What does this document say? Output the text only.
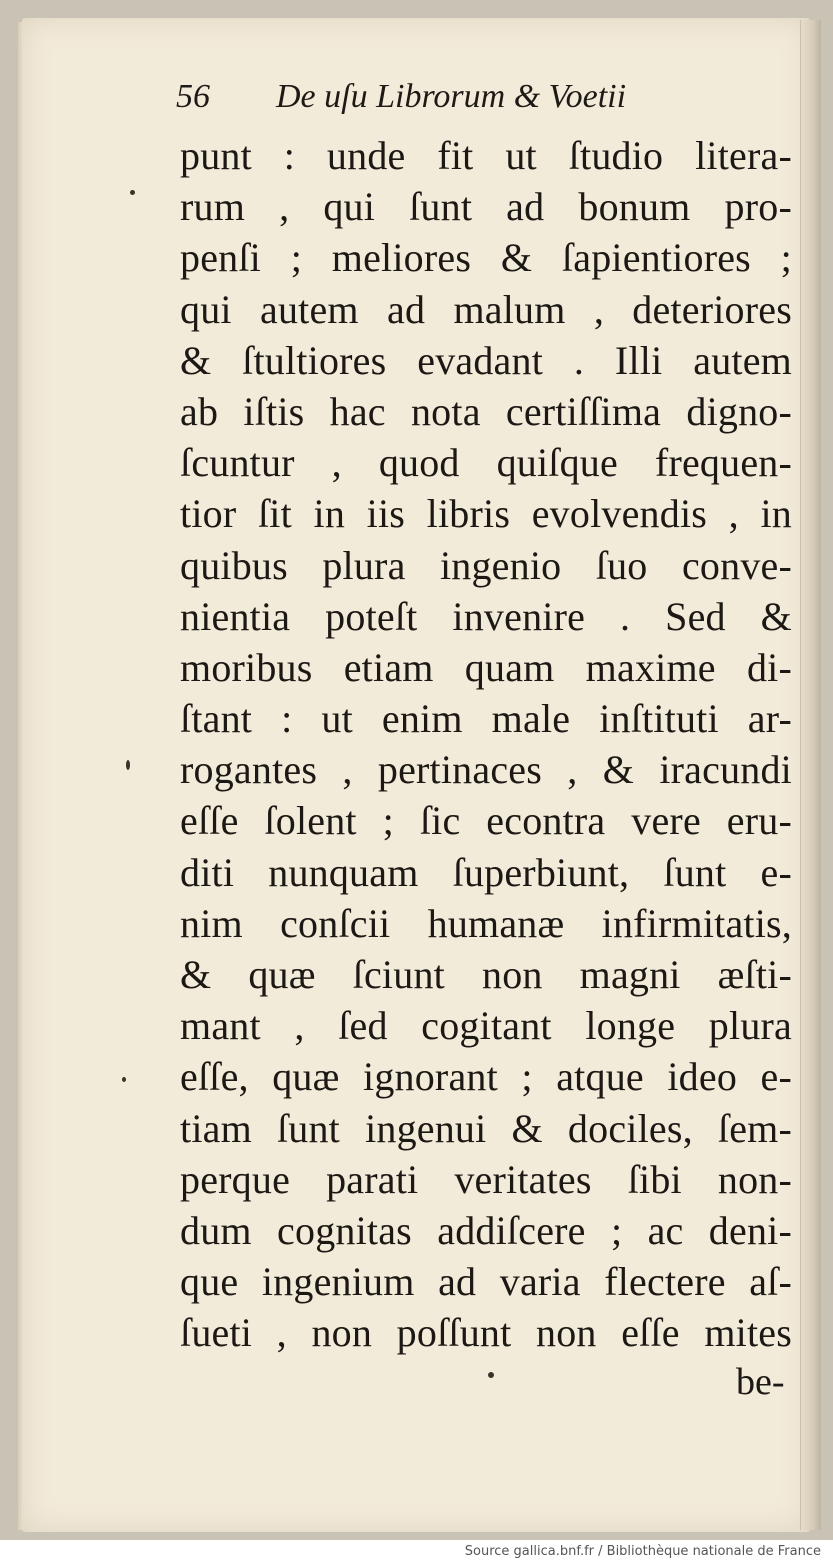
56 De uſu Librorum & Voetii
punt : unde fit ut ſtudio litera-
rum , qui ſunt ad bonum pro-
penſi ; meliores & ſapientiores ;
qui autem ad malum , deteriores
& ſtultiores evadant . Illi autem
ab iſtis hac nota certiſſima digno-
ſcuntur , quod quiſque frequen-
tior ſit in iis libris evolvendis , in
quibus plura ingenio ſuo conve-
nientia poteſt invenire . Sed &
moribus etiam quam maxime di-
ſtant : ut enim male inſtituti ar-
rogantes , pertinaces , & iracundi
eſſe ſolent ; ſic econtra vere eru-
diti nunquam ſuperbiunt, ſunt e-
nim conſcii humanæ infirmitatis,
& quæ ſciunt non magni æſti-
mant , ſed cogitant longe plura
eſſe, quæ ignorant ; atque ideo e-
tiam ſunt ingenui & dociles, ſem-
perque parati veritates ſibi non-
dum cognitas addiſcere ; ac deni-
que ingenium ad varia flectere aſ-
ſueti , non poſſunt non eſſe mites
be-
Source gallica.bnf.fr / Bibliothèque nationale de France
